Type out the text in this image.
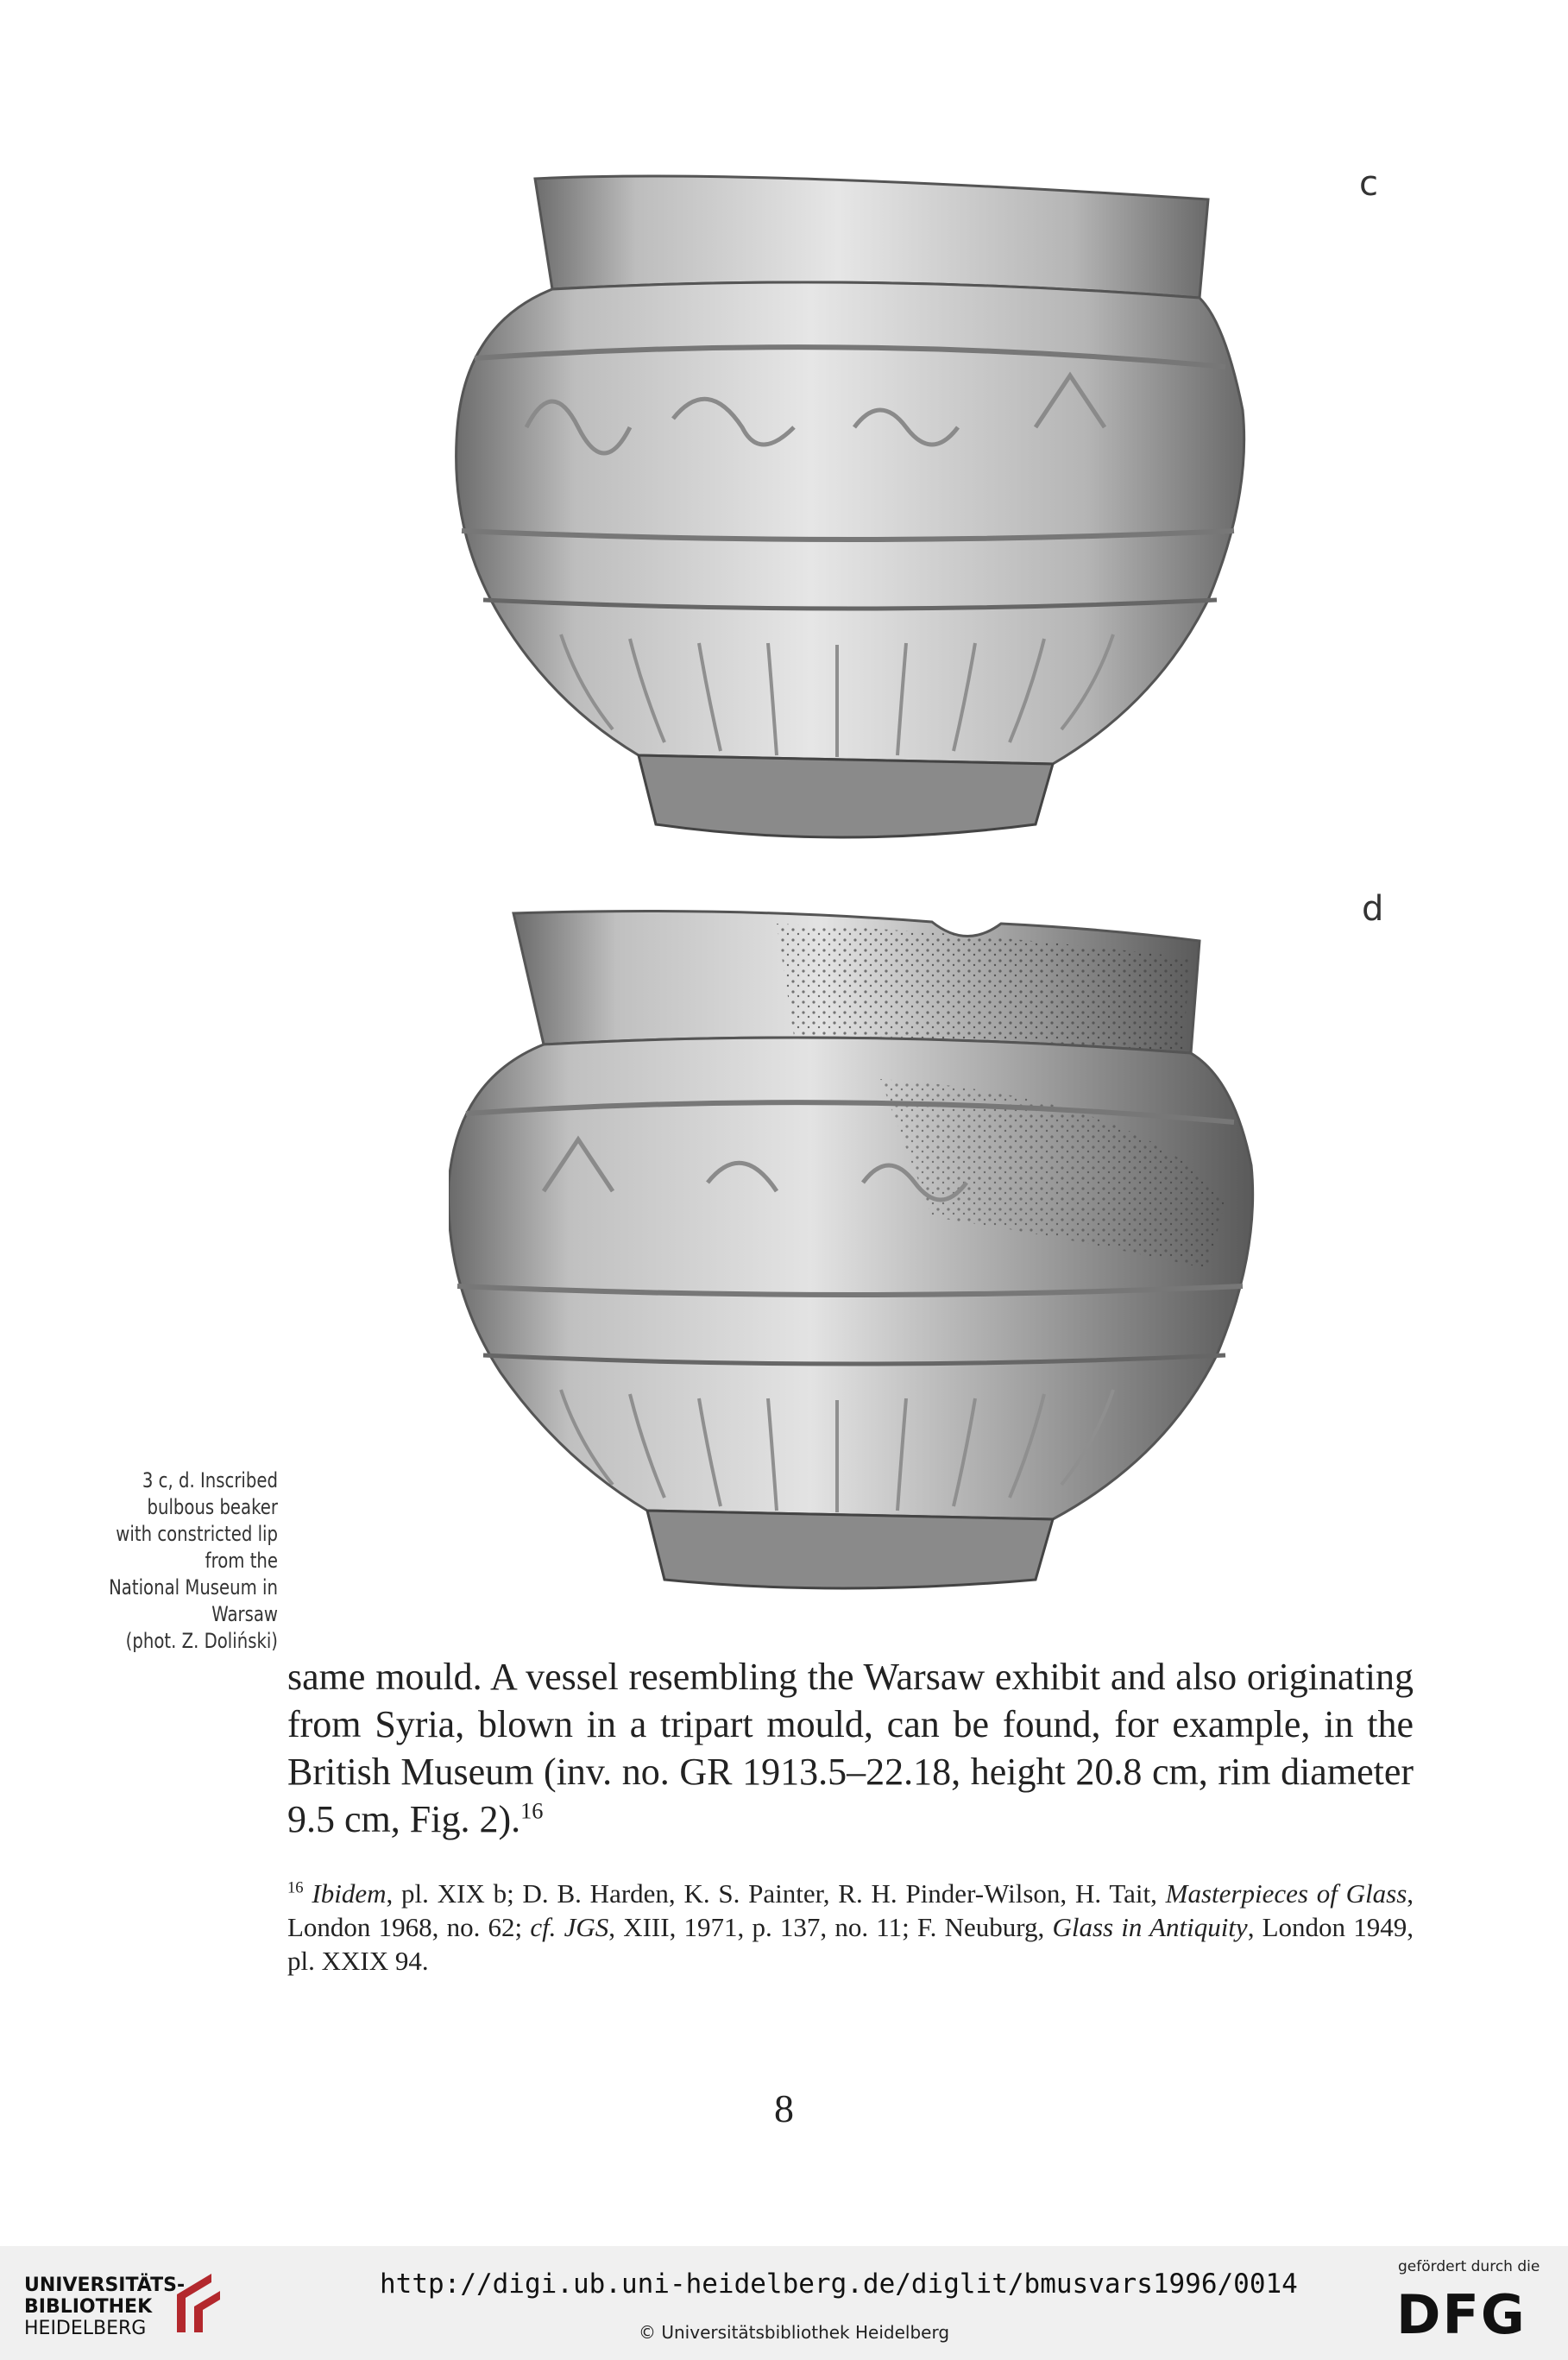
c
d
3 c, d. Inscribed bulbous beaker
with constricted lip from the
National Museum in Warsaw
(phot. Z. Doliński)
same mould. A vessel resembling the Warsaw exhibit and also originating from Syria, blown in a tripart mould, can be found, for example, in the British Museum (inv. no. GR 1913.5–22.18, height 20.8 cm, rim diameter 9.5 cm, Fig. 2).$^{16}$
$^{16}$ Ibidem, pl. XIX b; D. B. Harden, K. S. Painter, R. H. Pinder-Wilson, H. Tait, Masterpieces of Glass, London 1968, no. 62; cf. JGS, XIII, 1971, p. 137, no. 11; F. Neuburg, Glass in Antiquity, London 1949, pl. XXIX 94.
8
UNIVERSITÄTS-
BIBLIOTHEK
HEIDELBERG
http://digi.ub.uni-heidelberg.de/diglit/bmusvars1996/0014
© Universitätsbibliothek Heidelberg
gefördert durch die
DFG
